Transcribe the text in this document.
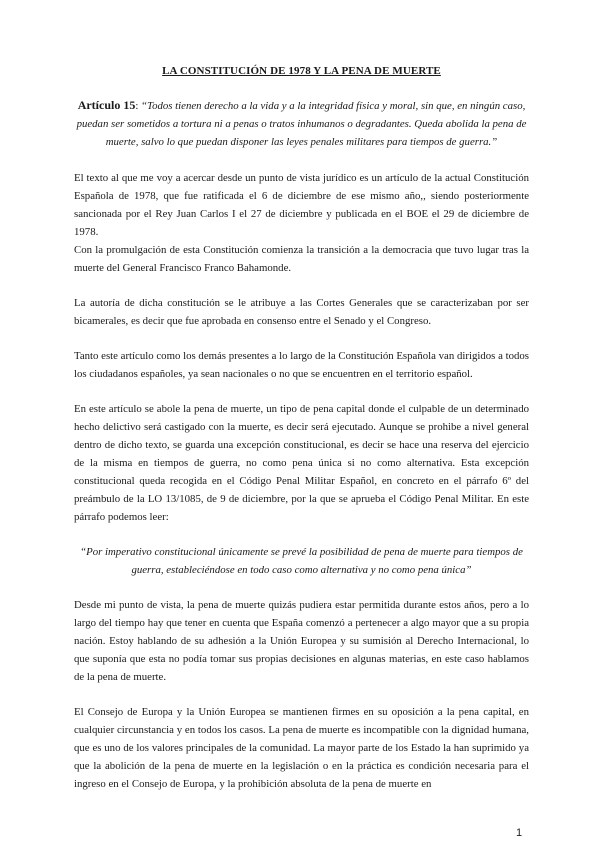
LA CONSTITUCIÓN DE 1978 Y LA PENA DE MUERTE
Artículo 15: “Todos tienen derecho a la vida y a la integridad física y moral, sin que, en ningún caso, puedan ser sometidos a tortura ni a penas o tratos inhumanos o degradantes. Queda abolida la pena de muerte, salvo lo que puedan disponer las leyes penales militares para tiempos de guerra.”

El texto al que me voy a acercar desde un punto de vista jurídico es un artículo de la actual Constitución Española de 1978, que fue ratificada el 6 de diciembre de ese mismo año,, siendo posteriormente sancionada por el Rey Juan Carlos I el 27 de diciembre y publicada en el BOE el 29 de diciembre de 1978.

Con la promulgación de esta Constitución comienza la transición a la democracia que tuvo lugar tras la muerte del General Francisco Franco Bahamonde.

La autoría de dicha constitución se le atribuye a las Cortes Generales que se caracterizaban por ser bicamerales, es decir que fue aprobada en consenso entre el Senado y el Congreso.

Tanto este artículo como los demás presentes a lo largo de la Constitución Española van dirigidos a todos los ciudadanos españoles, ya sean nacionales o no que se encuentren en el territorio español.

En este artículo se abole la pena de muerte, un tipo de pena capital donde el culpable de un determinado hecho delictivo será castigado con la muerte, es decir será ejecutado. Aunque se prohibe a nivel general dentro de dicho texto, se guarda una excepción constitucional, es decir se hace una reserva del ejercicio de la misma en tiempos de guerra, no como pena única si no como alternativa. Esta excepción constitucional queda recogida en el Código Penal Militar Español, en concreto en el párrafo 6º del preámbulo de la LO 13/1085, de 9 de diciembre, por la que se aprueba el Código Penal Militar. En este párrafo podemos leer:

“Por imperativo constitucional únicamente se prevé la posibilidad de pena de muerte para tiempos de guerra, estableciéndose en todo caso como alternativa y no como pena única”

Desde mi punto de vista, la pena de muerte quizás pudiera estar permitida durante estos años, pero a lo largo del tiempo hay que tener en cuenta que España comenzó a pertenecer a algo mayor que a su propia nación. Estoy hablando de su adhesión a la Unión Europea y su sumisión al Derecho Internacional, lo que suponía que esta no podía tomar sus propias decisiones en algunas materias, en este caso hablamos de la pena de muerte.

El Consejo de Europa y la Unión Europea se mantienen firmes en su oposición a la pena capital, en cualquier circunstancia y en todos los casos. La pena de muerte es incompatible con la dignidad humana, que es uno de los valores principales de la comunidad. La mayor parte de los Estado la han suprimido ya que la abolición de la pena de muerte en la legislación o en la práctica es condición necesaria para el ingreso en el Consejo de Europa, y la prohibición absoluta de la pena de muerte en

1
